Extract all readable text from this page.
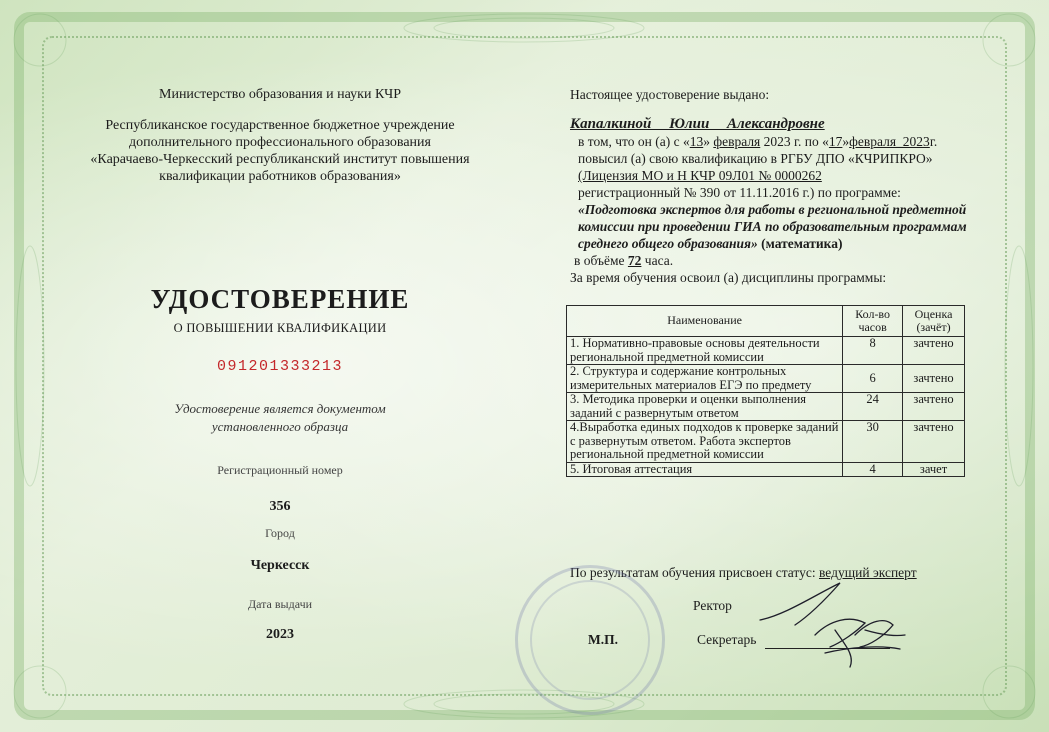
Министерство образования и науки КЧР
Республиканское государственное бюджетное учреждение
дополнительного профессионального образования
«Карачаево-Черкесский республиканский институт повышения
квалификации работников образования»
УДОСТОВЕРЕНИЕ
О ПОВЫШЕНИИ КВАЛИФИКАЦИИ
091201333213
Удостоверение является документом
установленного образца
Регистрационный номер
356
Город
Черкесск
Дата выдачи
2023
Настоящее удостоверение выдано:
Капалкиной Юлии Александровне
в том, что он (а) с «13» февраля 2023 г. по «17»февраля_2023г.
повысил (а) свою квалификацию в РГБУ ДПО «КЧРИПКРО»
(Лицензия МО и Н КЧР 09Л01 № 0000262
регистрационный № 390 от 11.11.2016 г.) по программе:
«Подготовка экспертов для работы в региональной предметной
комиссии при проведении ГИА по образовательным программам
среднего общего образования» (математика)
в объёме 72 часа.
За время обучения освоил (а) дисциплины программы:
Наименование	Кол-во часов	Оценка (зачёт)
1. Нормативно-правовые основы деятельности региональной предметной комиссии	8	зачтено
2. Структура и содержание контрольных измерительных материалов ЕГЭ по предмету	6	зачтено
3. Методика проверки и оценки выполнения заданий с развернутым ответом	24	зачтено
4.Выработка единых подходов к проверке заданий с развернутым ответом. Работа экспертов региональной предметной комиссии	30	зачтено
5. Итоговая аттестация	4	зачет
По результатам обучения присвоен статус: ведущий эксперт
Ректор
М.П.	Секретарь
